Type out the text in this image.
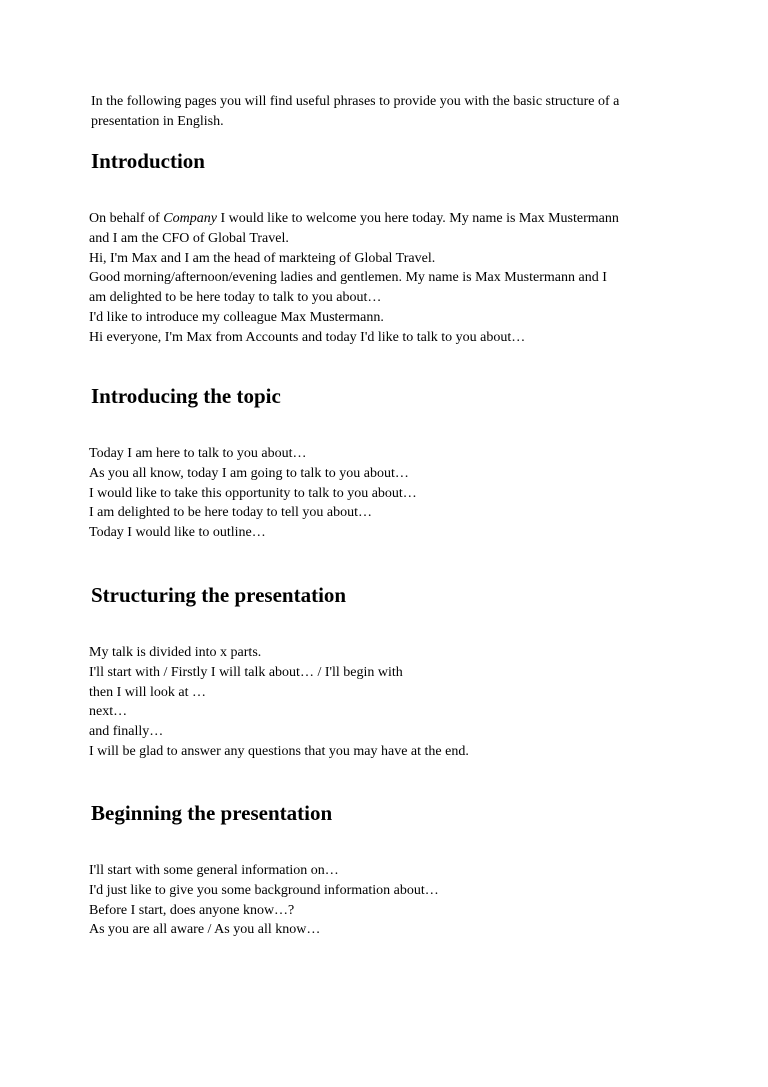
In the following pages you will find useful phrases to provide you with the basic structure of a
presentation in English.
Introduction
On behalf of Company I would like to welcome you here today. My name is Max Mustermann
and I am the CFO of Global Travel.
Hi, I'm Max and I am the head of markteing of Global Travel.
Good morning/afternoon/evening ladies and gentlemen. My name is Max Mustermann and I
am delighted to be here today to talk to you about…
I'd like to introduce my colleague Max Mustermann.
Hi everyone, I'm Max from Accounts and today I'd like to talk to you about…
Introducing the topic
Today I am here to talk to you about…
As you all know, today I am going to talk to you about…
I would like to take this opportunity to talk to you about…
I am delighted to be here today to tell you about…
Today I would like to outline…
Structuring the presentation
My talk is divided into x parts.
I'll start with / Firstly I will talk about… / I'll begin with
then I will look at …
next…
and finally…
I will be glad to answer any questions that you may have at the end.
Beginning the presentation
I'll start with some general information on…
I'd just like to give you some background information about…
Before I start, does anyone know…?
As you are all aware / As you all know…
